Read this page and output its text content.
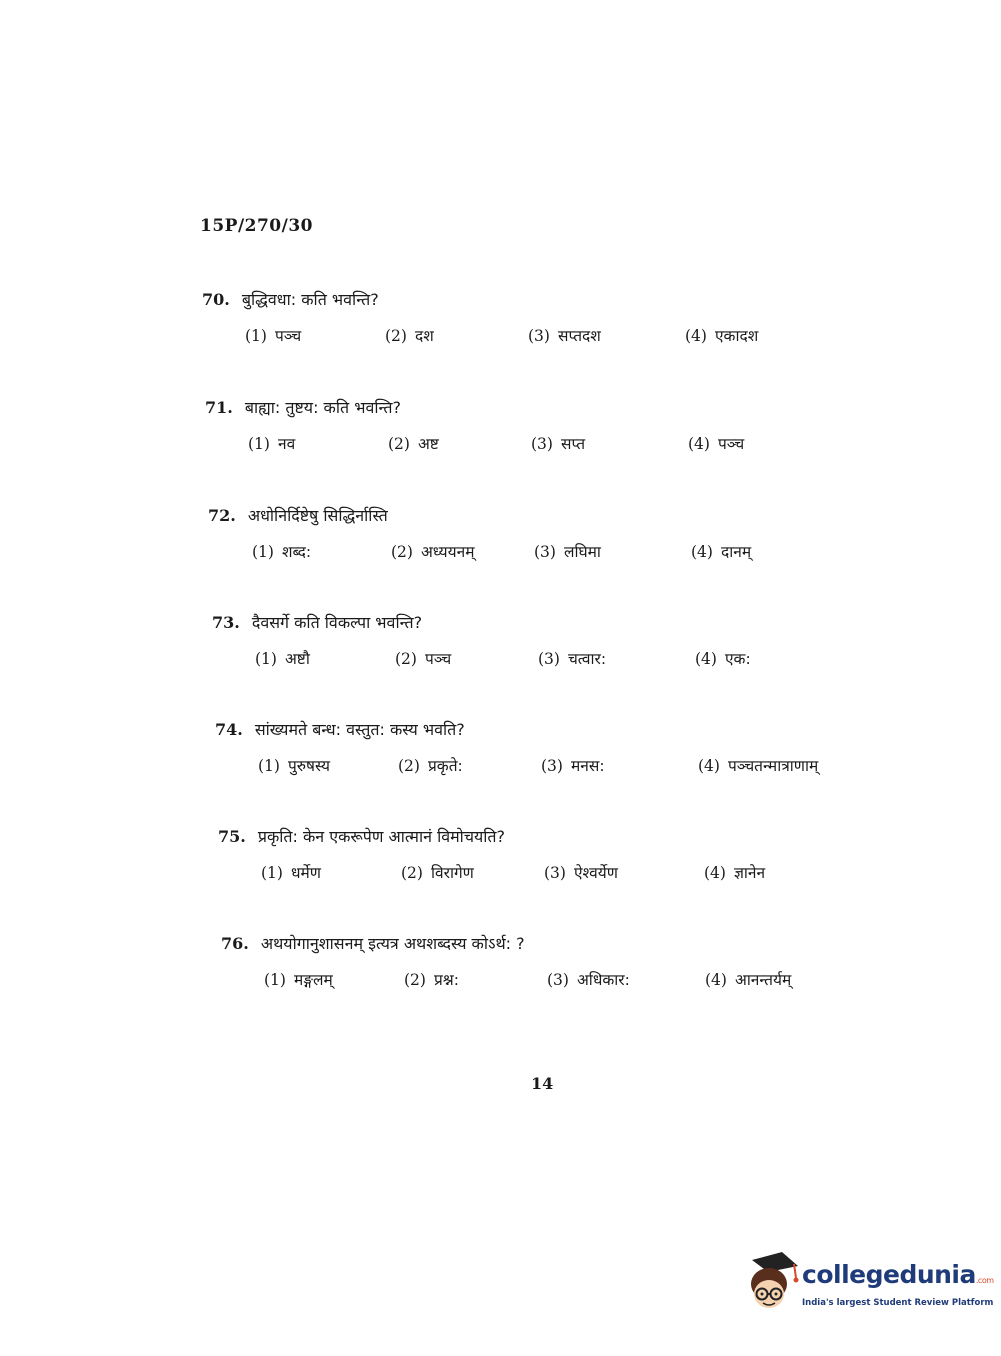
15P/270/30
70. बुद्धिवधा: कति भवन्ति?
(1) पञ्च	(2) दश	(3) सप्तदश	(4) एकादश
71. बाह्या: तुष्टय: कति भवन्ति?
(1) नव	(2) अष्ट	(3) सप्त	(4) पञ्च
72. अधोनिर्दिष्टेषु सिद्धिर्नास्ति
(1) शब्द:	(2) अध्ययनम्	(3) लघिमा	(4) दानम्
73. दैवसर्गे कति विकल्पा भवन्ति?
(1) अष्टौ	(2) पञ्च	(3) चत्वार:	(4) एक:
74. सांख्यमते बन्ध: वस्तुत: कस्य भवति?
(1) पुरुषस्य	(2) प्रकृते:	(3) मनस:	(4) पञ्चतन्मात्राणाम्
75. प्रकृति: केन एकरूपेण आत्मानं विमोचयति?
(1) धर्मेण	(2) विरागेण	(3) ऐश्वर्येण	(4) ज्ञानेन
76. अथयोगानुशासनम् इत्यत्र अथशब्दस्य कोऽर्थ: ?
(1) मङ्गलम्	(2) प्रश्न:	(3) अधिकार:	(4) आनन्तर्यम्
14
collegedunia.com
India's largest Student Review Platform
